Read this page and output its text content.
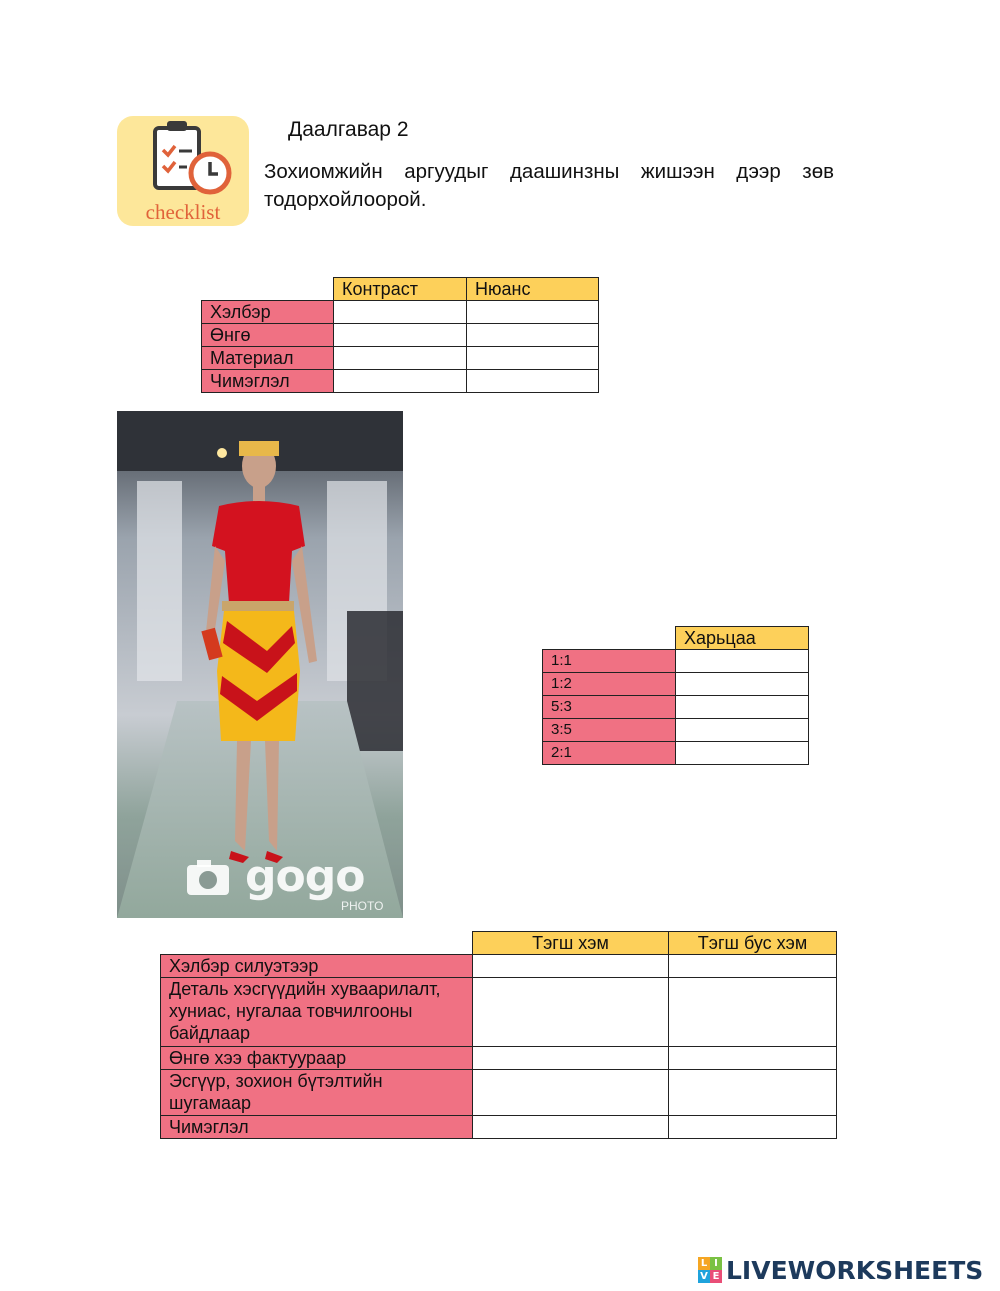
checklist
Даалгавар 2
Зохиомжийн аргуудыг даашинзны жишээн дээр зөв тодорхойлоорой.
	Контраст	Нюанс
Хэлбэр		
Өнгө		
Материал		
Чимэглэл		
gogo
PHOTO
	Харьцаа
1:1	
1:2	
5:3	
3:5	
2:1	
	Тэгш хэм	Тэгш бус хэм
Хэлбэр силуэтээр		
Деталь хэсгүүдийн хуваарилалт, хуниас, нугалаа товчилгооны байдлаар		
Өнгө хээ фактуураар		
Эсгүүр, зохион бүтэлтийн шугамаар		
Чимэглэл		
L I
V E LIVEWORKSHEETS
